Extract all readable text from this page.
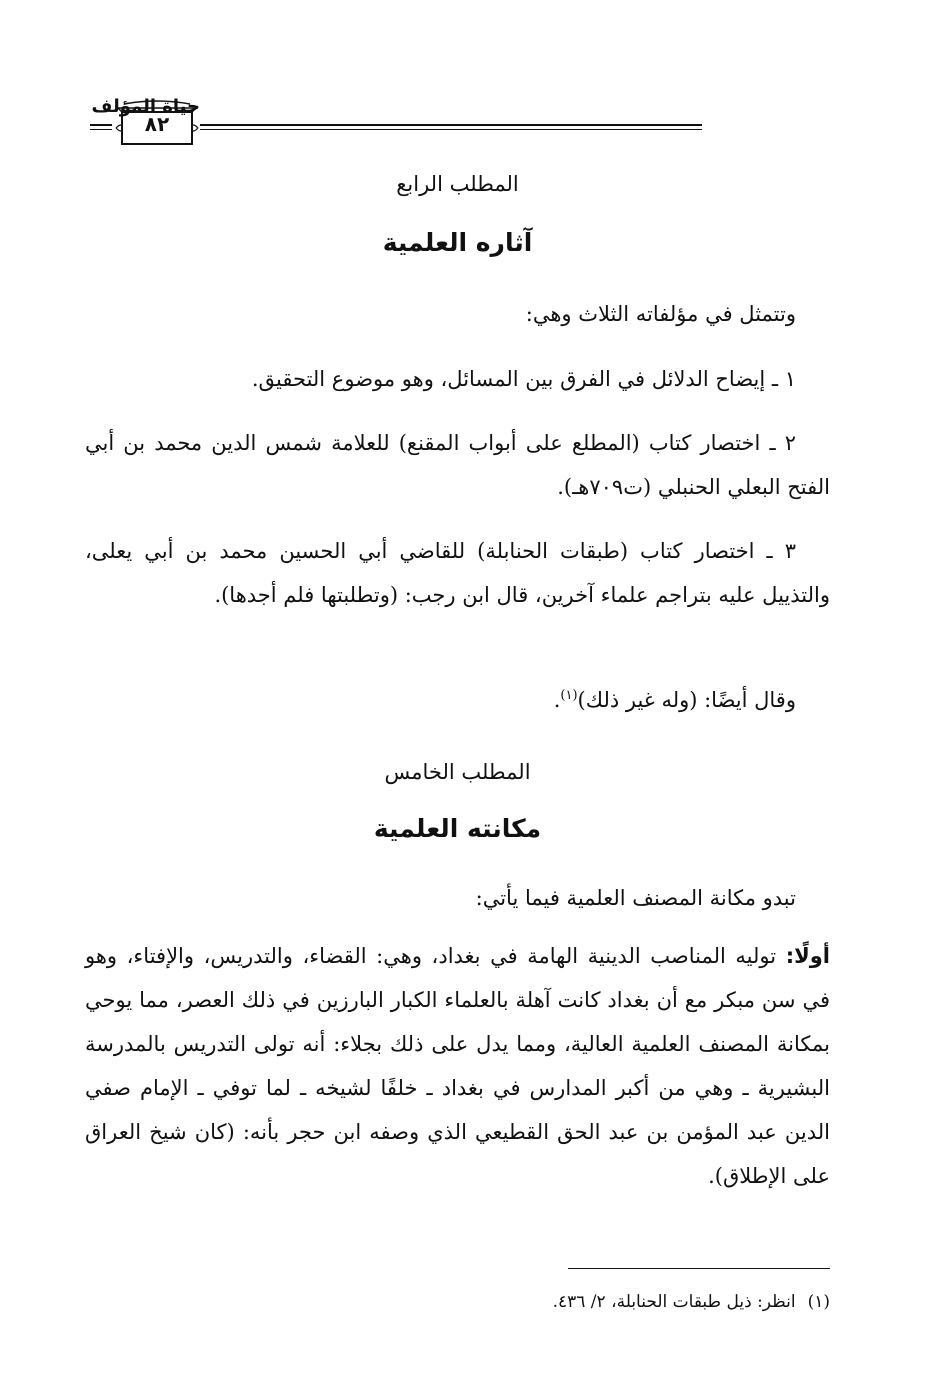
حياة المؤلف
٨٢
المطلب الرابع
آثاره العلمية
وتتمثل في مؤلفاته الثلاث وهي:
١ ـ إيضاح الدلائل في الفرق بين المسائل، وهو موضوع التحقيق.
٢ ـ اختصار كتاب (المطلع على أبواب المقنع) للعلامة شمس الدين محمد بن أبي الفتح البعلي الحنبلي (ت٧٠٩هـ).
٣ ـ اختصار كتاب (طبقات الحنابلة) للقاضي أبي الحسين محمد بن أبي يعلى، والتذييل عليه بتراجم علماء آخرين، قال ابن رجب: (وتطلبتها فلم أجدها).
وقال أيضًا: (وله غير ذلك)$^{(١)}$.
المطلب الخامس
مكانته العلمية
تبدو مكانة المصنف العلمية فيما يأتي:
أولًا: توليه المناصب الدينية الهامة في بغداد، وهي: القضاء، والتدريس، والإفتاء، وهو في سن مبكر مع أن بغداد كانت آهلة بالعلماء الكبار البارزين في ذلك العصر، مما يوحي بمكانة المصنف العلمية العالية، ومما يدل على ذلك بجلاء: أنه تولى التدريس بالمدرسة البشيرية ـ وهي من أكبر المدارس في بغداد ـ خلفًا لشيخه ـ لما توفي ـ الإمام صفي الدين عبد المؤمن بن عبد الحق القطيعي الذي وصفه ابن حجر بأنه: (كان شيخ العراق على الإطلاق).
(١)انظر: ذيل طبقات الحنابلة، ٢/ ٤٣٦.
